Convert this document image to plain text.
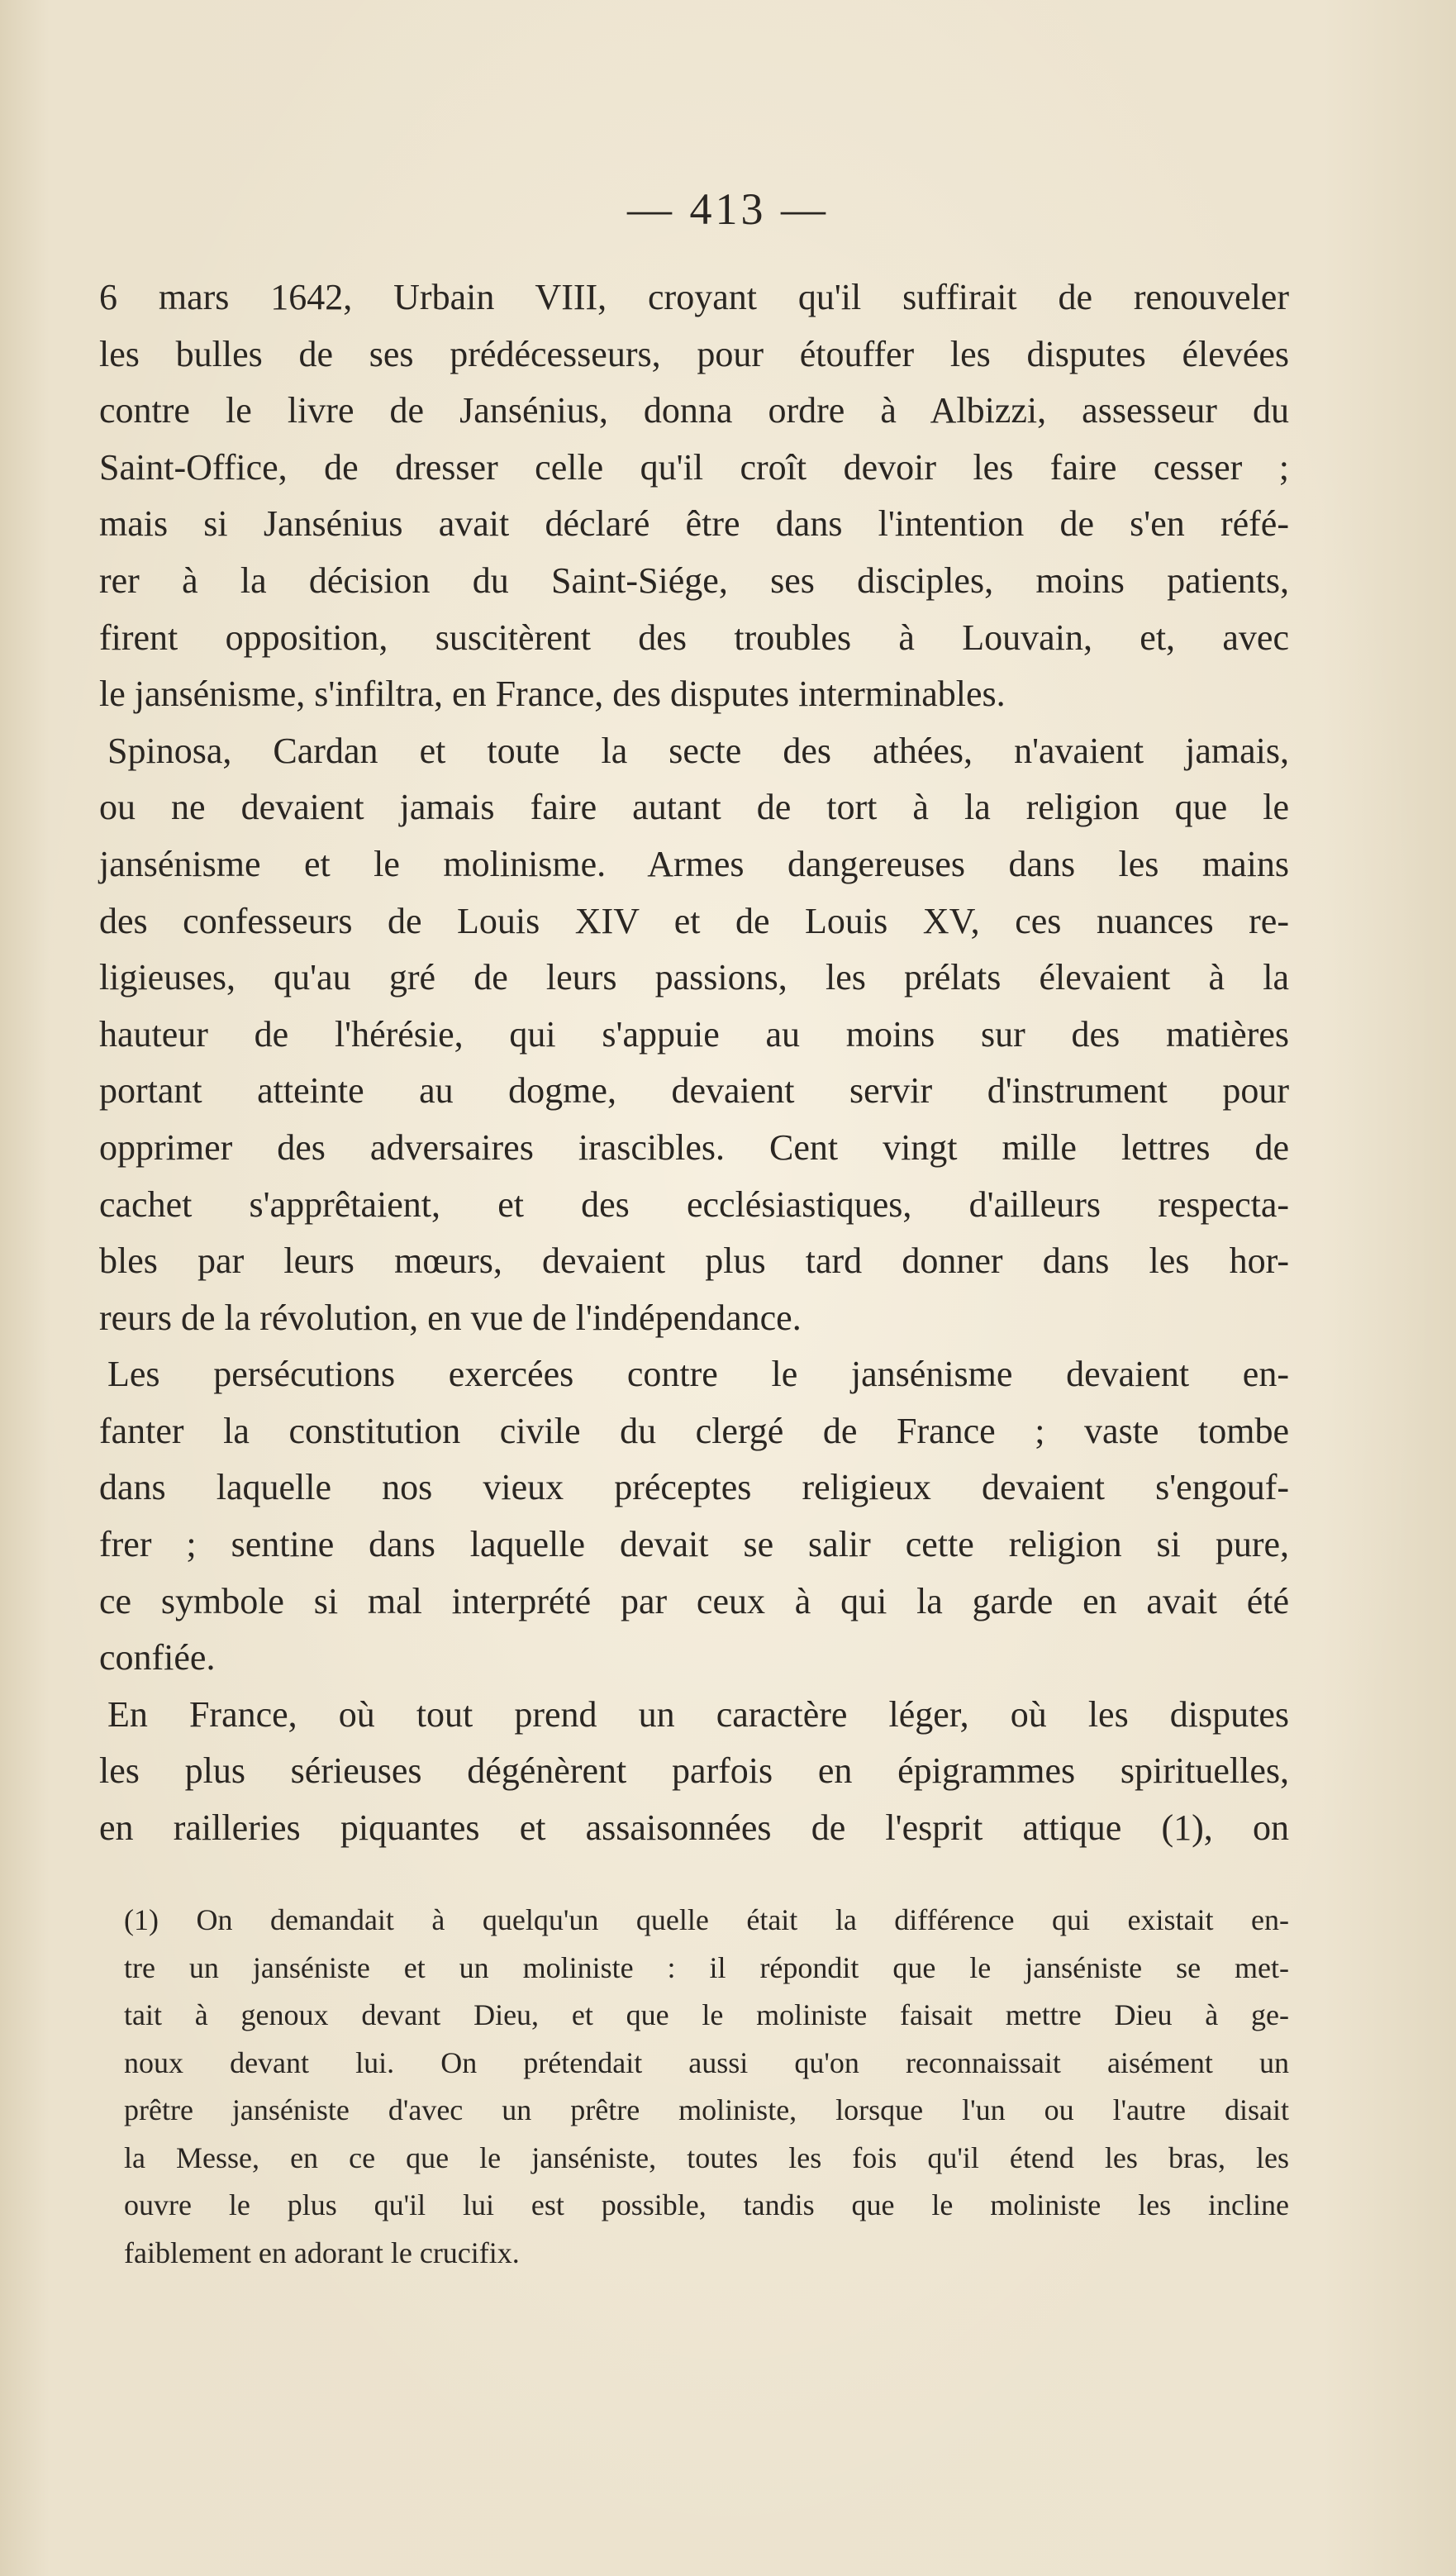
— 413 —
6 mars 1642, Urbain VIII, croyant qu'il suffirait de renouveler
les bulles de ses prédécesseurs, pour étouffer les disputes élevées
contre le livre de Jansénius, donna ordre à Albizzi, assesseur du
Saint-Office, de dresser celle qu'il croît devoir les faire cesser ;
mais si Jansénius avait déclaré être dans l'intention de s'en réfé-
rer à la décision du Saint-Siége, ses disciples, moins patients,
firent opposition, suscitèrent des troubles à Louvain, et, avec
le jansénisme, s'infiltra, en France, des disputes interminables.
Spinosa, Cardan et toute la secte des athées, n'avaient jamais,
ou ne devaient jamais faire autant de tort à la religion que le
jansénisme et le molinisme. Armes dangereuses dans les mains
des confesseurs de Louis XIV et de Louis XV, ces nuances re-
ligieuses, qu'au gré de leurs passions, les prélats élevaient à la
hauteur de l'hérésie, qui s'appuie au moins sur des matières
portant atteinte au dogme, devaient servir d'instrument pour
opprimer des adversaires irascibles. Cent vingt mille lettres de
cachet s'apprêtaient, et des ecclésiastiques, d'ailleurs respecta-
bles par leurs mœurs, devaient plus tard donner dans les hor-
reurs de la révolution, en vue de l'indépendance.
Les persécutions exercées contre le jansénisme devaient en-
fanter la constitution civile du clergé de France ; vaste tombe
dans laquelle nos vieux préceptes religieux devaient s'engouf-
frer ; sentine dans laquelle devait se salir cette religion si pure,
ce symbole si mal interprété par ceux à qui la garde en avait été
confiée.
En France, où tout prend un caractère léger, où les disputes
les plus sérieuses dégénèrent parfois en épigrammes spirituelles,
en railleries piquantes et assaisonnées de l'esprit attique (1), on
(1) On demandait à quelqu'un quelle était la différence qui existait en-
tre un janséniste et un moliniste : il répondit que le janséniste se met-
tait à genoux devant Dieu, et que le moliniste faisait mettre Dieu à ge-
noux devant lui. On prétendait aussi qu'on reconnaissait aisément un
prêtre janséniste d'avec un prêtre moliniste, lorsque l'un ou l'autre disait
la Messe, en ce que le janséniste, toutes les fois qu'il étend les bras, les
ouvre le plus qu'il lui est possible, tandis que le moliniste les incline
faiblement en adorant le crucifix.
